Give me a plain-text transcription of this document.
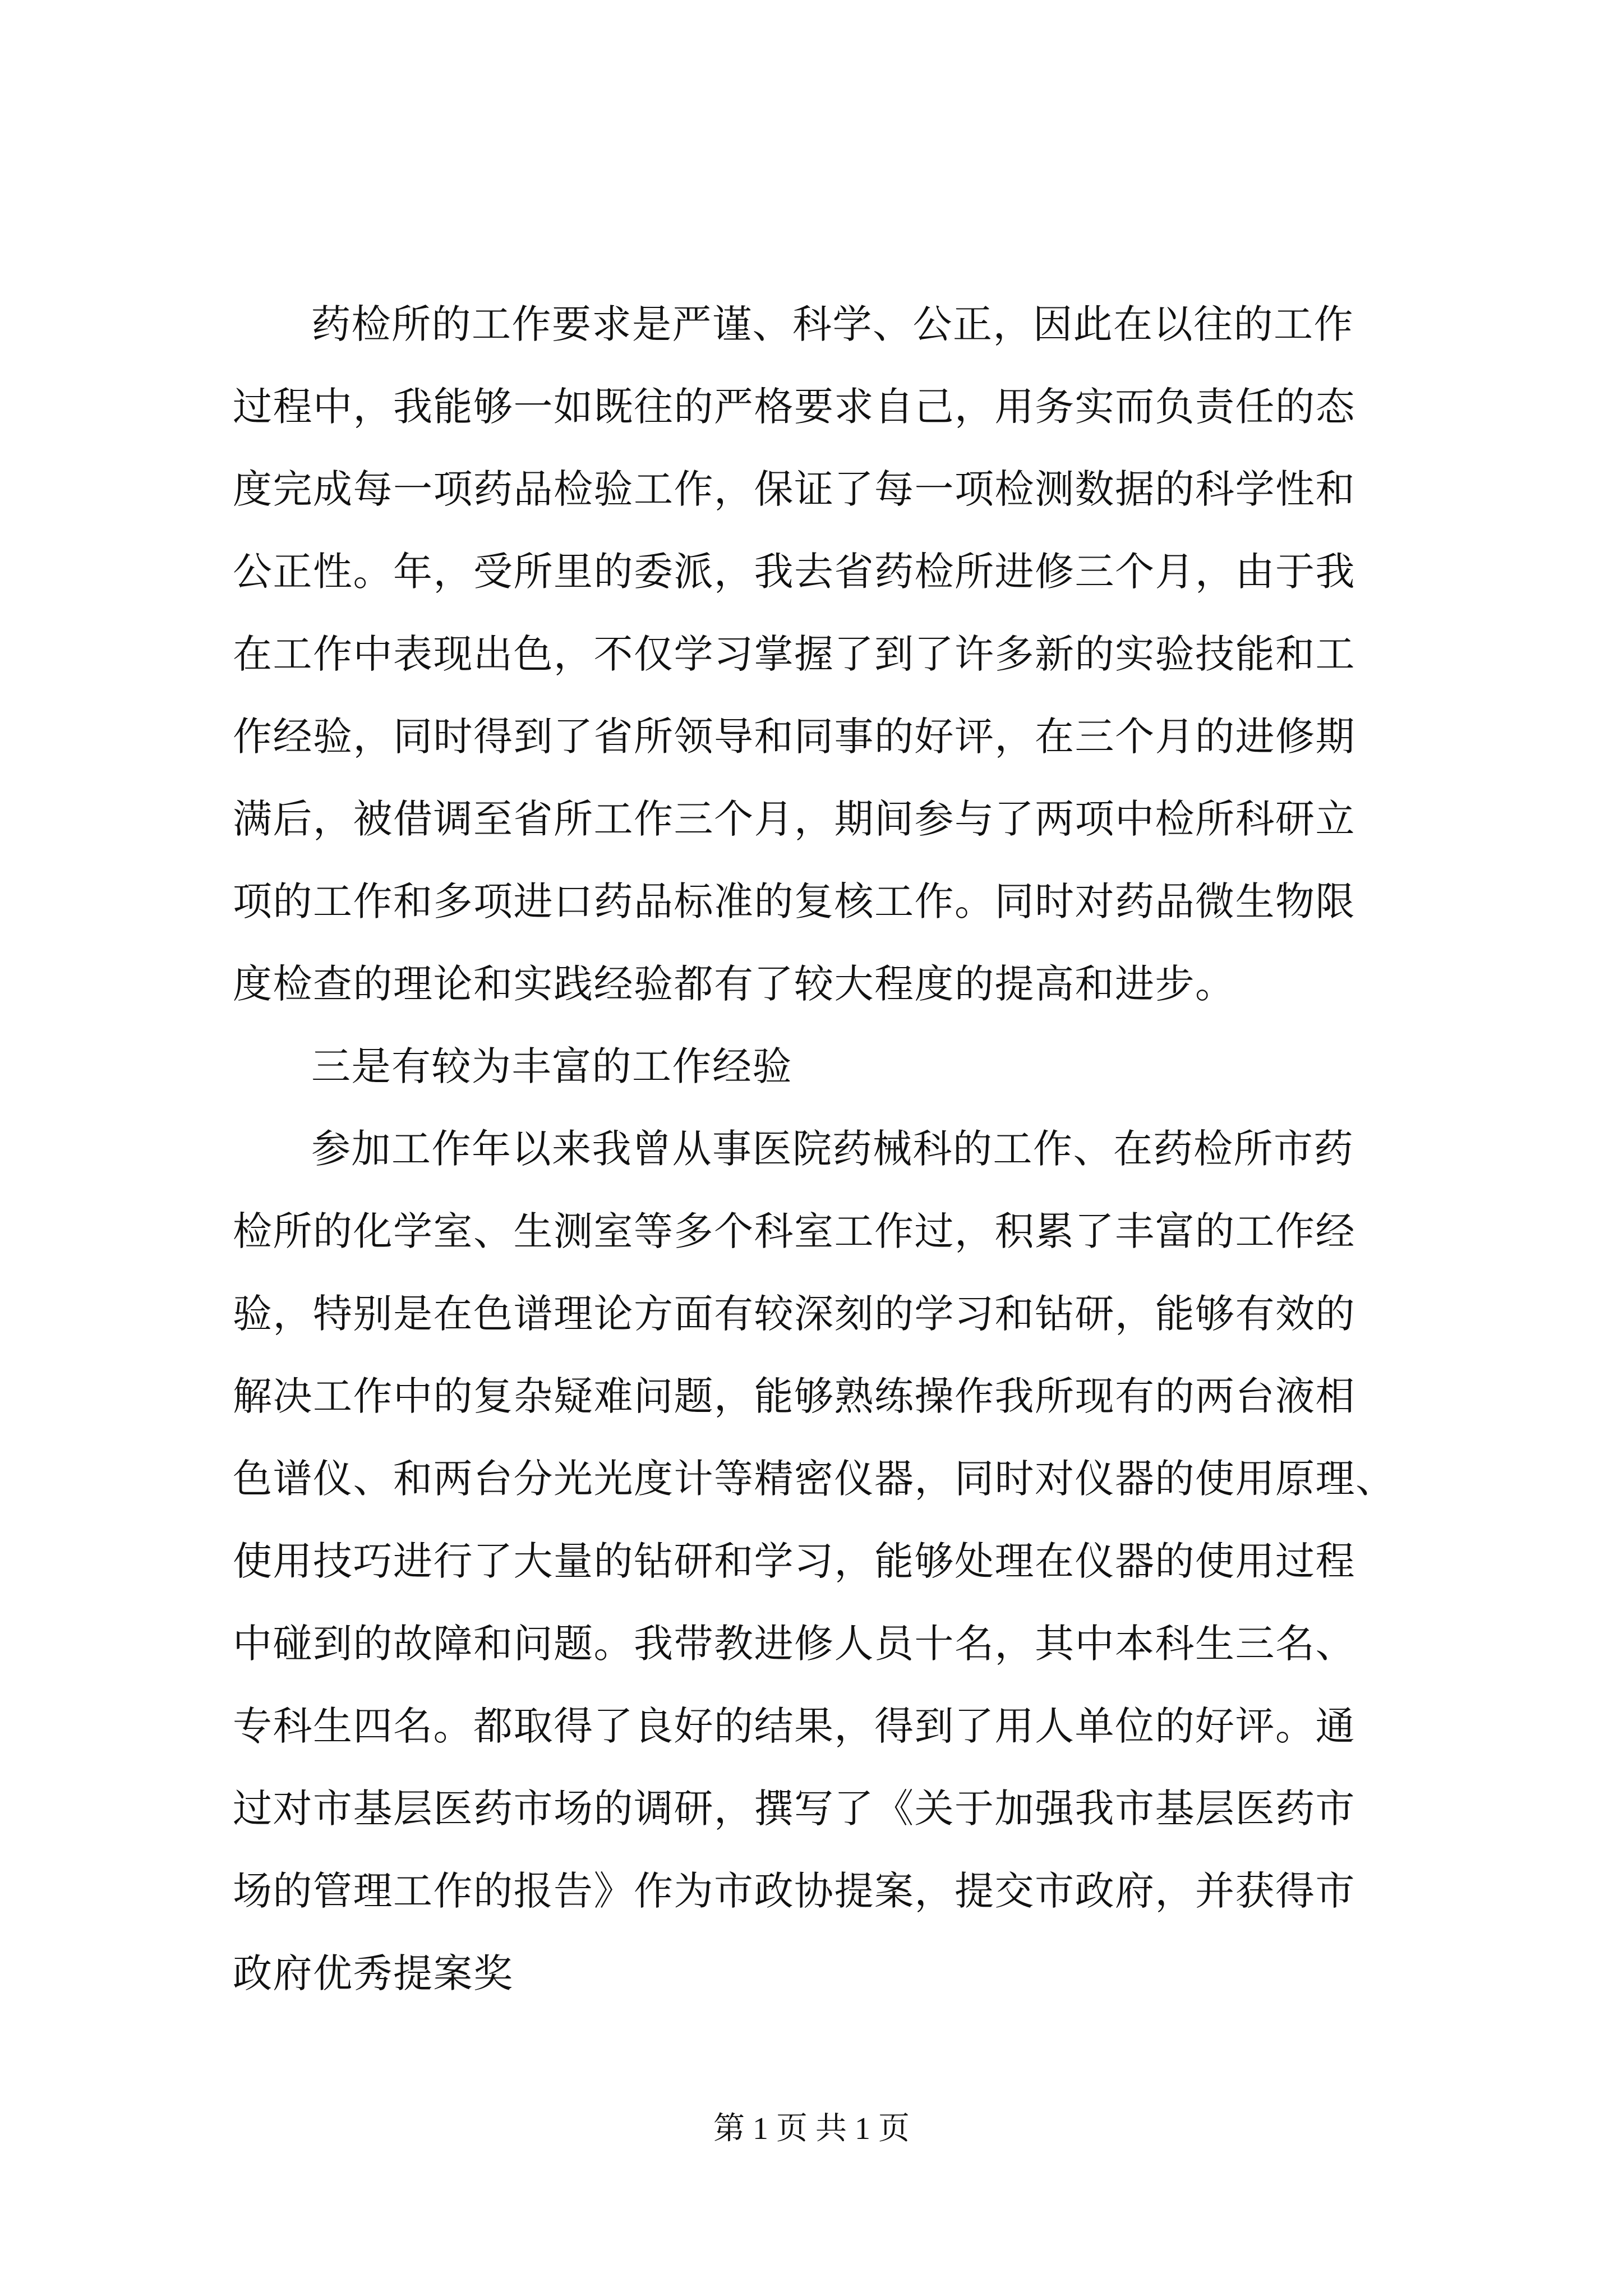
药检所的工作要求是严谨、科学、公正，因此在以往的工作
过程中，我能够一如既往的严格要求自己，用务实而负责任的态
度完成每一项药品检验工作，保证了每一项检测数据的科学性和
公正性。年，受所里的委派，我去省药检所进修三个月，由于我
在工作中表现出色，不仅学习掌握了到了许多新的实验技能和工
作经验，同时得到了省所领导和同事的好评，在三个月的进修期
满后，被借调至省所工作三个月，期间参与了两项中检所科研立
项的工作和多项进口药品标准的复核工作。同时对药品微生物限
度检查的理论和实践经验都有了较大程度的提高和进步。
三是有较为丰富的工作经验
参加工作年以来我曾从事医院药械科的工作、在药检所市药
检所的化学室、生测室等多个科室工作过，积累了丰富的工作经
验，特别是在色谱理论方面有较深刻的学习和钻研，能够有效的
解决工作中的复杂疑难问题，能够熟练操作我所现有的两台液相
色谱仪、和两台分光光度计等精密仪器，同时对仪器的使用原理、
使用技巧进行了大量的钻研和学习，能够处理在仪器的使用过程
中碰到的故障和问题。我带教进修人员十名，其中本科生三名、
专科生四名。都取得了良好的结果，得到了用人单位的好评。通
过对市基层医药市场的调研，撰写了《关于加强我市基层医药市
场的管理工作的报告》作为市政协提案，提交市政府，并获得市
政府优秀提案奖
第 1 页 共 1 页
